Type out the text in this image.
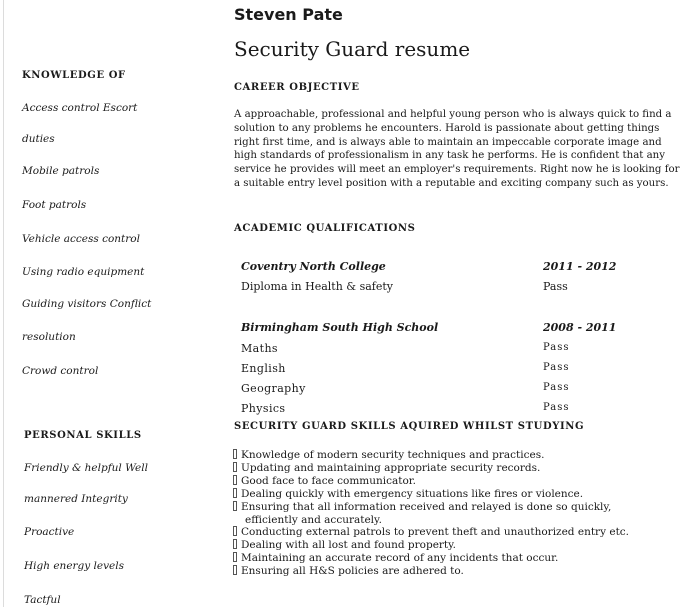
KNOWLEDGE OF
Access control Escort
duties
Mobile patrols
Foot patrols
Vehicle access control
Using radio equipment
Guiding visitors Conflict
resolution
Crowd control
PERSONAL SKILLS
Friendly & helpful Well
mannered Integrity
Proactive
High energy levels
Tactful
Steven Pate
Security Guard resume
CAREER OBJECTIVE

A approachable, professional and helpful young person who is always quick to find a solution to any problems he encounters. Harold is passionate about getting things right first time, and is always able to maintain an impeccable corporate image and high standards of professionalism in any task he performs. He is confident that any service he provides will meet an employer's requirements. Right now he is looking for a suitable entry level position with a reputable and exciting company such as yours.

ACADEMIC QUALIFICATIONS
Coventry North College	2011 - 2012
Diploma in Health & safety	Pass
Birmingham South High School	2008 - 2011
Maths	Pass
English	Pass
Geography	Pass
Physics	Pass
SECURITY GUARD SKILLS AQUIRED WHILST STUDYING
Knowledge of modern security techniques and practices.
Updating and maintaining appropriate security records.
Good face to face communicator.
Dealing quickly with emergency situations like fires or violence.
Ensuring that all information received and relayed is done so quickly,
efficiently and accurately.
Conducting external patrols to prevent theft and unauthorized entry etc.
Dealing with all lost and found property.
Maintaining an accurate record of any incidents that occur.
Ensuring all H&S policies are adhered to.
